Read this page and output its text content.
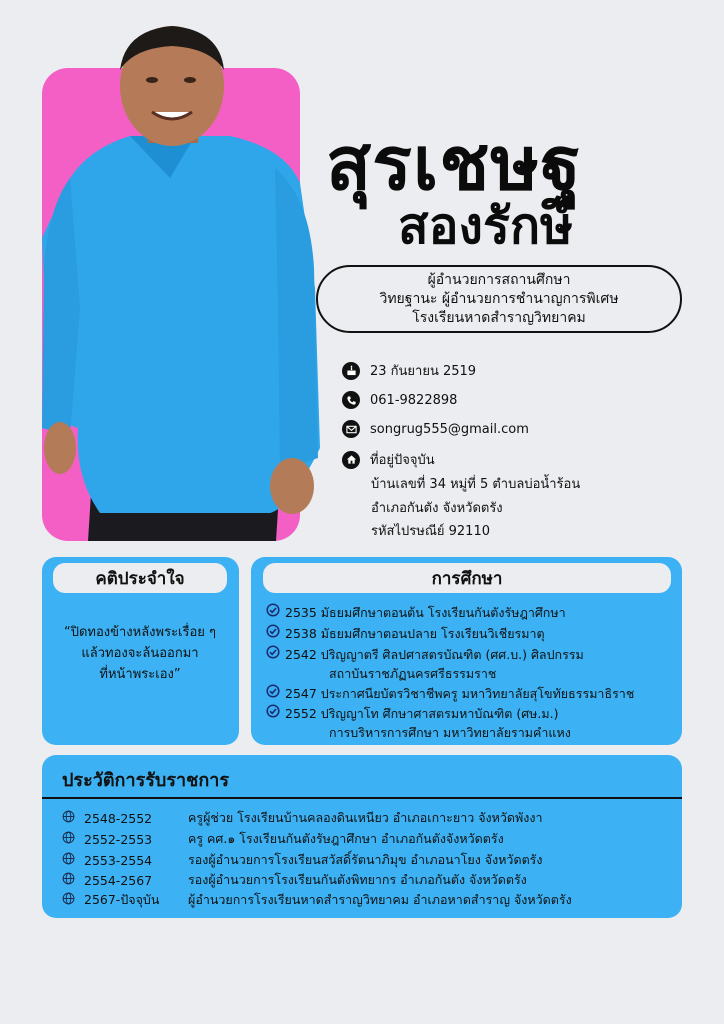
สุรเชษฐ
สองรักษ์
ผู้อำนวยการสถานศึกษา
วิทยฐานะ ผู้อำนวยการชำนาญการพิเศษ
โรงเรียนหาดสำราญวิทยาคม
23 กันยายน 2519
061-9822898
songrug555@gmail.com
ที่อยู่ปัจจุบัน
บ้านเลขที่ 34 หมู่ที่ 5 ตำบลบ่อน้ำร้อน
อำเภอกันตัง จังหวัดตรัง
รหัสไปรษณีย์ 92110
คติประจำใจ
“ปิดทองข้างหลังพระเรื่อย ๆ
แล้วทองจะล้นออกมา
ที่หน้าพระเอง”
การศึกษา
2535 มัธยมศึกษาตอนต้น โรงเรียนกันตังรัษฎาศึกษา
2538 มัธยมศึกษาตอนปลาย โรงเรียนวิเชียรมาตุ
2542 ปริญญาตรี ศิลปศาสตรบัณฑิต (ศศ.บ.) ศิลปกรรม
สถาบันราชภัฏนครศรีธรรมราช
2547 ประกาศนียบัตรวิชาชีพครู มหาวิทยาลัยสุโขทัยธรรมาธิราช
2552 ปริญญาโท ศึกษาศาสตรมหาบัณฑิต (ศษ.ม.)
การบริหารการศึกษา มหาวิทยาลัยรามคำแหง
ประวัติการรับราชการ
2548-2552	ครูผู้ช่วย โรงเรียนบ้านคลองดินเหนียว อำเภอเกาะยาว จังหวัดพังงา
2552-2553	ครู คศ.๑ โรงเรียนกันตังรัษฎาศึกษา อำเภอกันตังจังหวัดตรัง
2553-2554	รองผู้อำนวยการโรงเรียนสวัสดิ์รัตนาภิมุข อำเภอนาโยง จังหวัดตรัง
2554-2567	รองผู้อำนวยการโรงเรียนกันตังพิทยากร อำเภอกันตัง จังหวัดตรัง
2567-ปัจจุบัน	ผู้อำนวยการโรงเรียนหาดสำราญวิทยาคม อำเภอหาดสำราญ จังหวัดตรัง
